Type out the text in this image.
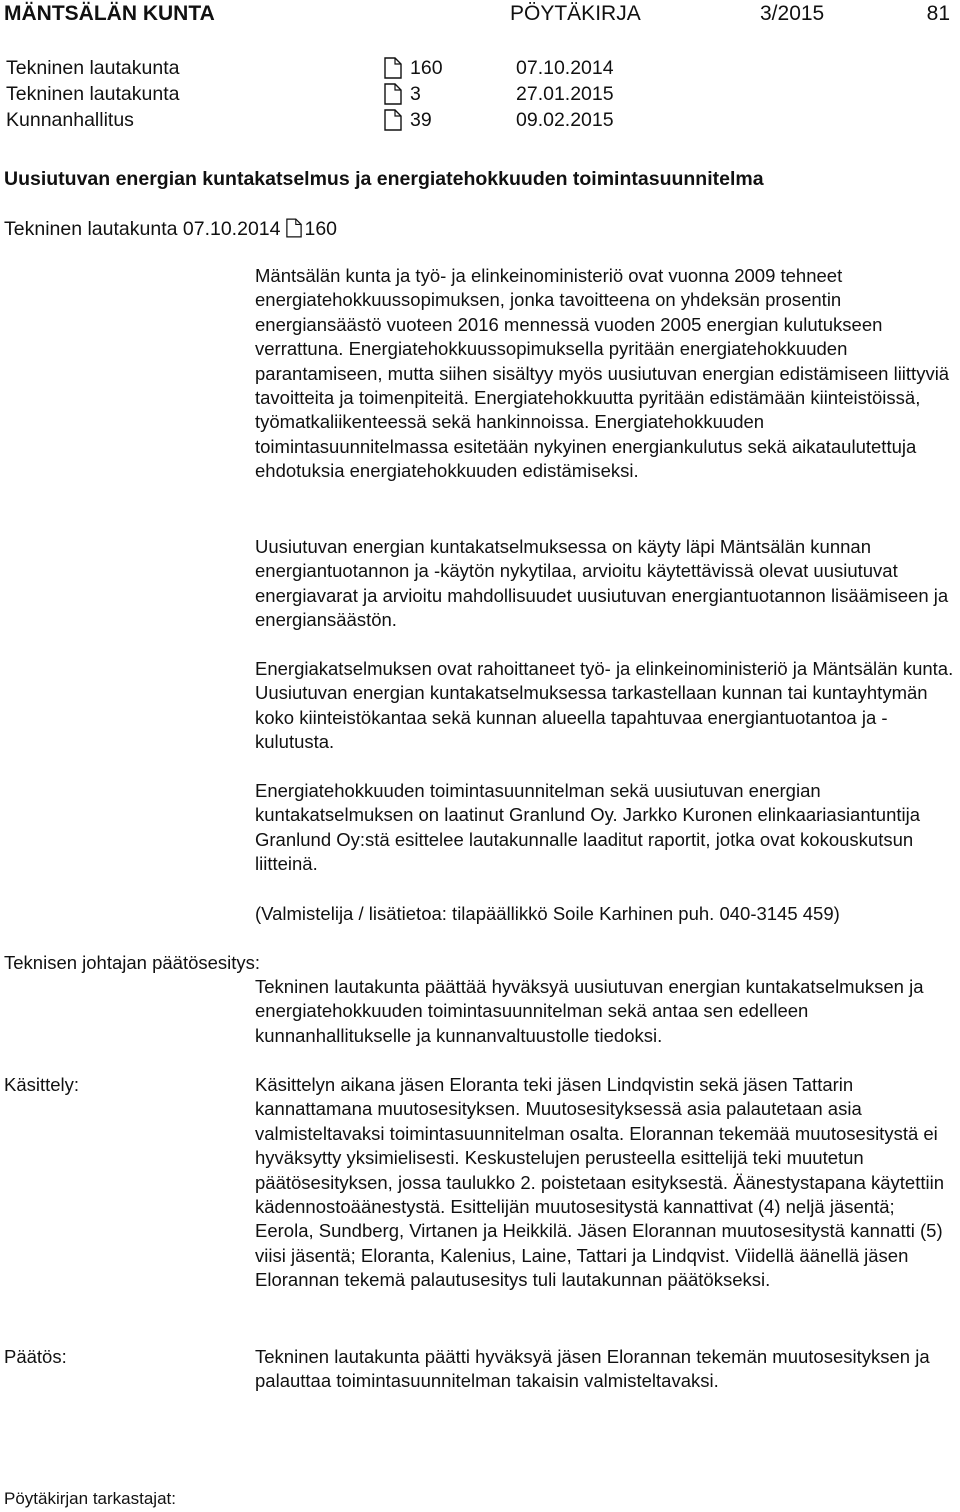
MÄNTSÄLÄN KUNTA	PÖYTÄKIRJA	3/2015	81
Tekninen lautakunta	160	07.10.2014
Tekninen lautakunta	3	27.01.2015
Kunnanhallitus	39	09.02.2015
Uusiutuvan energian kuntakatselmus ja energiatehokkuuden toimintasuunnitelma
Tekninen lautakunta 07.10.2014 160

Mäntsälän kunta ja työ- ja elinkeinoministeriö ovat vuonna 2009 tehneet energiatehokkuussopimuksen, jonka tavoitteena on yhdeksän prosentin energiansäästö vuoteen 2016 mennessä vuoden 2005 energian kulutukseen verrattuna. Energiatehokkuussopimuksella pyritään energiatehokkuuden parantamiseen, mutta siihen sisältyy myös uusiutuvan energian edistämiseen liittyviä tavoitteita ja toimenpiteitä. Energiatehokkuutta pyritään edistämään kiinteistöissä, työmatkaliikenteessä sekä hankinnoissa. Energiatehokkuuden toimintasuunnitelmassa esitetään nykyinen energiankulutus sekä aikataulutettuja ehdotuksia energiatehokkuuden edistämiseksi.

Uusiutuvan energian kuntakatselmuksessa on käyty läpi Mäntsälän kunnan energiantuotannon ja -käytön nykytilaa, arvioitu käytettävissä olevat uusiutuvat energiavarat ja arvioitu mahdollisuudet uusiutuvan energiantuotannon lisäämiseen ja energiansäästön.

Energiakatselmuksen ovat rahoittaneet työ- ja elinkeinoministeriö ja Mäntsälän kunta. Uusiutuvan energian kuntakatselmuksessa tarkastellaan kunnan tai kuntayhtymän koko kiinteistökantaa sekä kunnan alueella tapahtuvaa energiantuotantoa ja -kulutusta.

Energiatehokkuuden toimintasuunnitelman sekä uusiutuvan energian kuntakatselmuksen on laatinut Granlund Oy. Jarkko Kuronen elinkaariasiantuntija Granlund Oy:stä esittelee lautakunnalle laaditut raportit, jotka ovat kokouskutsun liitteinä.

(Valmistelija / lisätietoa: tilapäällikkö Soile Karhinen puh. 040-3145 459)

Teknisen johtajan päätösesitys:

Tekninen lautakunta päättää hyväksyä uusiutuvan energian kuntakatselmuksen ja energiatehokkuuden toimintasuunnitelman sekä antaa sen edelleen kunnanhallitukselle ja kunnanvaltuustolle tiedoksi.

Käsittely:	Käsittelyn aikana jäsen Eloranta teki jäsen Lindqvistin sekä jäsen Tattarin kannattamana muutosesityksen. Muutosesityksessä asia palautetaan asia valmisteltavaksi toimintasuunnitelman osalta. Elorannan tekemää muutosesitystä ei hyväksytty yksimielisesti. Keskustelujen perusteella esittelijä teki muutetun päätösesityksen, jossa taulukko 2. poistetaan esityksestä. Äänestystapana käytettiin kädennostoäänestystä. Esittelijän muutosesitystä kannattivat (4) neljä jäsentä; Eerola, Sundberg, Virtanen ja Heikkilä. Jäsen Elorannan muutosesitystä kannatti (5) viisi jäsentä; Eloranta, Kalenius, Laine, Tattari ja Lindqvist. Viidellä äänellä jäsen Elorannan tekemä palautusesitys tuli lautakunnan päätökseksi.

Päätös:	Tekninen lautakunta päätti hyväksyä jäsen Elorannan tekemän muutosesityksen ja palauttaa toimintasuunnitelman takaisin valmisteltavaksi.

Pöytäkirjan tarkastajat:
